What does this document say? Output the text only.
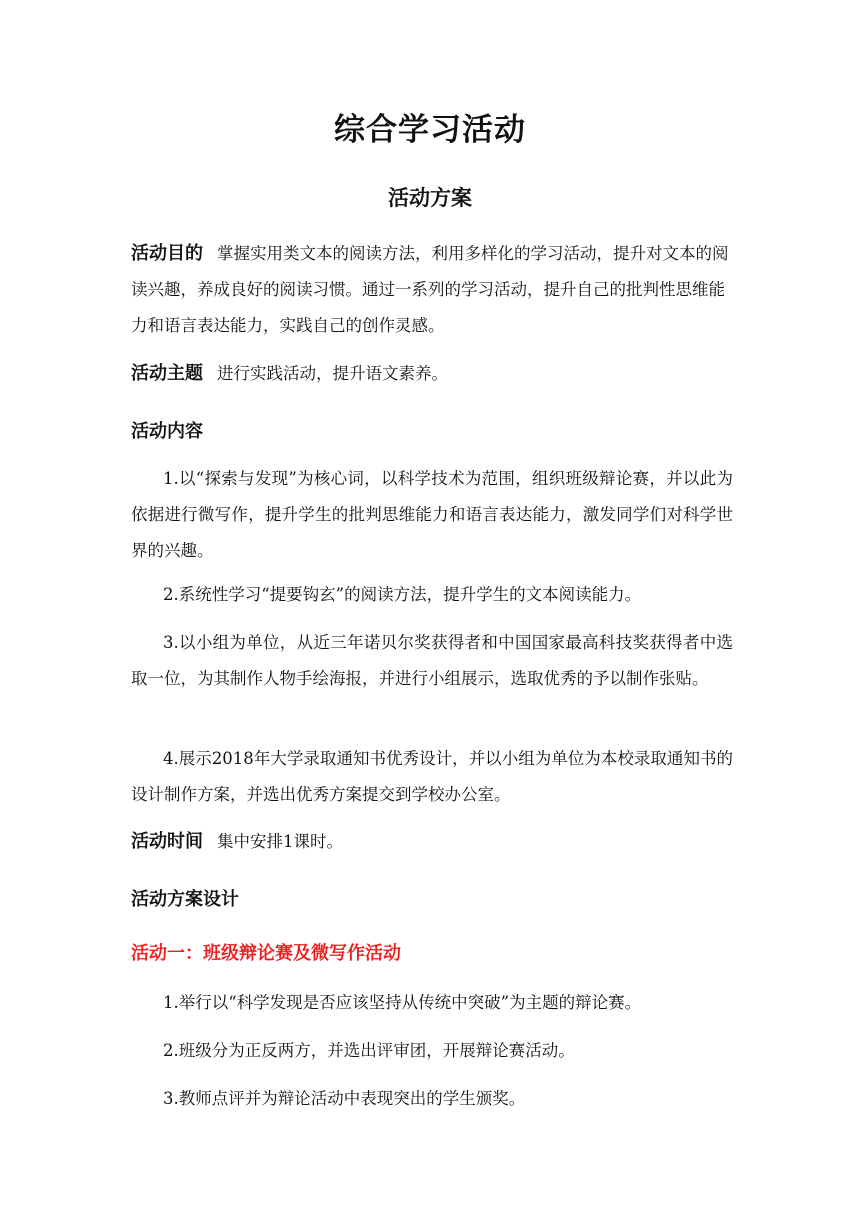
综合学习活动
活动方案
活动目的 掌握实用类文本的阅读方法，利用多样化的学习活动，提升对文本的阅读兴趣，养成良好的阅读习惯。通过一系列的学习活动，提升自己的批判性思维能力和语言表达能力，实践自己的创作灵感。
活动主题 进行实践活动，提升语文素养。
活动内容
1.以“探索与发现”为核心词，以科学技术为范围，组织班级辩论赛，并以此为依据进行微写作，提升学生的批判思维能力和语言表达能力，激发同学们对科学世界的兴趣。
2.系统性学习“提要钩玄”的阅读方法，提升学生的文本阅读能力。
3.以小组为单位，从近三年诺贝尔奖获得者和中国国家最高科技奖获得者中选取一位，为其制作人物手绘海报，并进行小组展示，选取优秀的予以制作张贴。
4.展示2018年大学录取通知书优秀设计，并以小组为单位为本校录取通知书的设计制作方案，并选出优秀方案提交到学校办公室。
活动时间 集中安排1课时。
活动方案设计
活动一：班级辩论赛及微写作活动
1.举行以“科学发现是否应该坚持从传统中突破”为主题的辩论赛。
2.班级分为正反两方，并选出评审团，开展辩论赛活动。
3.教师点评并为辩论活动中表现突出的学生颁奖。
